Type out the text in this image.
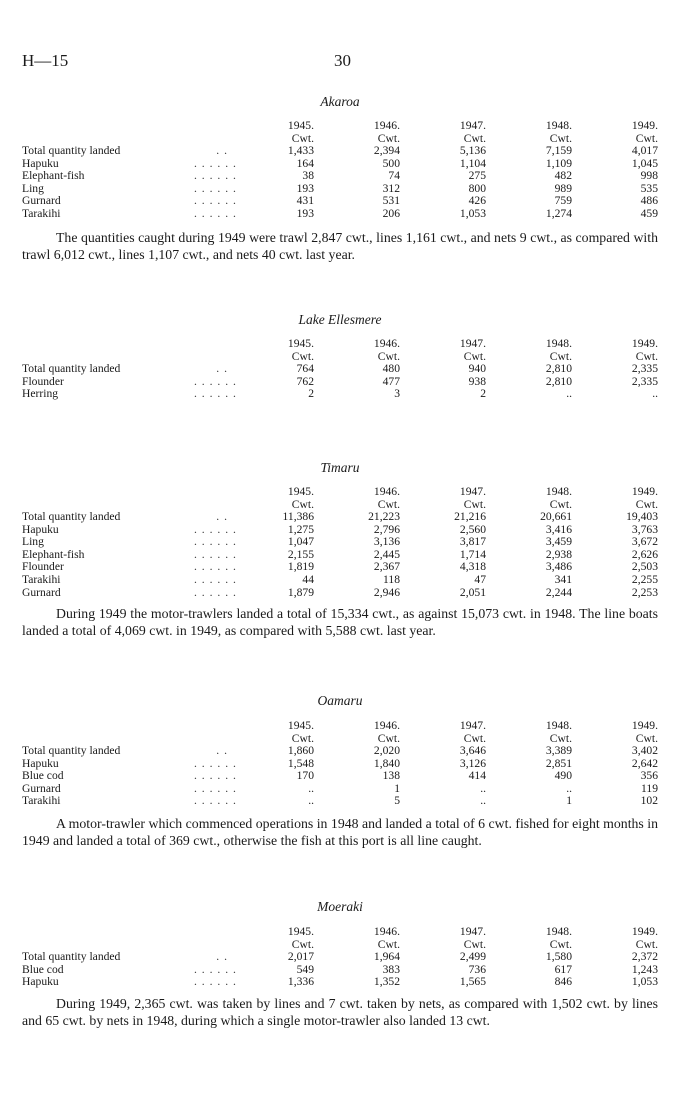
H—15	30
Akaroa
		1945.	1946.	1947.	1948.	1949.
		Cwt.	Cwt.	Cwt.	Cwt.	Cwt.
Total quantity landed	. .	1,433	2,394	5,136	7,159	4,017
Hapuku	. . . . . .	164	500	1,104	1,109	1,045
Elephant-fish	. . . . . .	38	74	275	482	998
Ling	. . . . . .	193	312	800	989	535
Gurnard	. . . . . .	431	531	426	759	486
Tarakihi	. . . . . .	193	206	1,053	1,274	459
The quantities caught during 1949 were trawl 2,847 cwt., lines 1,161 cwt., and nets 9 cwt., as compared with trawl 6,012 cwt., lines 1,107 cwt., and nets 40 cwt. last year.
Lake Ellesmere
		1945.	1946.	1947.	1948.	1949.
		Cwt.	Cwt.	Cwt.	Cwt.	Cwt.
Total quantity landed	. .	764	480	940	2,810	2,335
Flounder	. . . . . .	762	477	938	2,810	2,335
Herring	. . . . . .	2	3	2	..	..
Timaru
		1945.	1946.	1947.	1948.	1949.
		Cwt.	Cwt.	Cwt.	Cwt.	Cwt.
Total quantity landed	. .	11,386	21,223	21,216	20,661	19,403
Hapuku	. . . . . .	1,275	2,796	2,560	3,416	3,763
Ling	. . . . . .	1,047	3,136	3,817	3,459	3,672
Elephant-fish	. . . . . .	2,155	2,445	1,714	2,938	2,626
Flounder	. . . . . .	1,819	2,367	4,318	3,486	2,503
Tarakihi	. . . . . .	44	118	47	341	2,255
Gurnard	. . . . . .	1,879	2,946	2,051	2,244	2,253
During 1949 the motor-trawlers landed a total of 15,334 cwt., as against 15,073 cwt. in 1948. The line boats landed a total of 4,069 cwt. in 1949, as compared with 5,588 cwt. last year.
Oamaru
		1945.	1946.	1947.	1948.	1949.
		Cwt.	Cwt.	Cwt.	Cwt.	Cwt.
Total quantity landed	. .	1,860	2,020	3,646	3,389	3,402
Hapuku	. . . . . .	1,548	1,840	3,126	2,851	2,642
Blue cod	. . . . . .	170	138	414	490	356
Gurnard	. . . . . .	..	1	..	..	119
Tarakihi	. . . . . .	..	5	..	1	102
A motor-trawler which commenced operations in 1948 and landed a total of 6 cwt. fished for eight months in 1949 and landed a total of 369 cwt., otherwise the fish at this port is all line caught.
Moeraki
		1945.	1946.	1947.	1948.	1949.
		Cwt.	Cwt.	Cwt.	Cwt.	Cwt.
Total quantity landed	. .	2,017	1,964	2,499	1,580	2,372
Blue cod	. . . . . .	549	383	736	617	1,243
Hapuku	. . . . . .	1,336	1,352	1,565	846	1,053
During 1949, 2,365 cwt. was taken by lines and 7 cwt. taken by nets, as compared with 1,502 cwt. by lines and 65 cwt. by nets in 1948, during which a single motor-trawler also landed 13 cwt.
